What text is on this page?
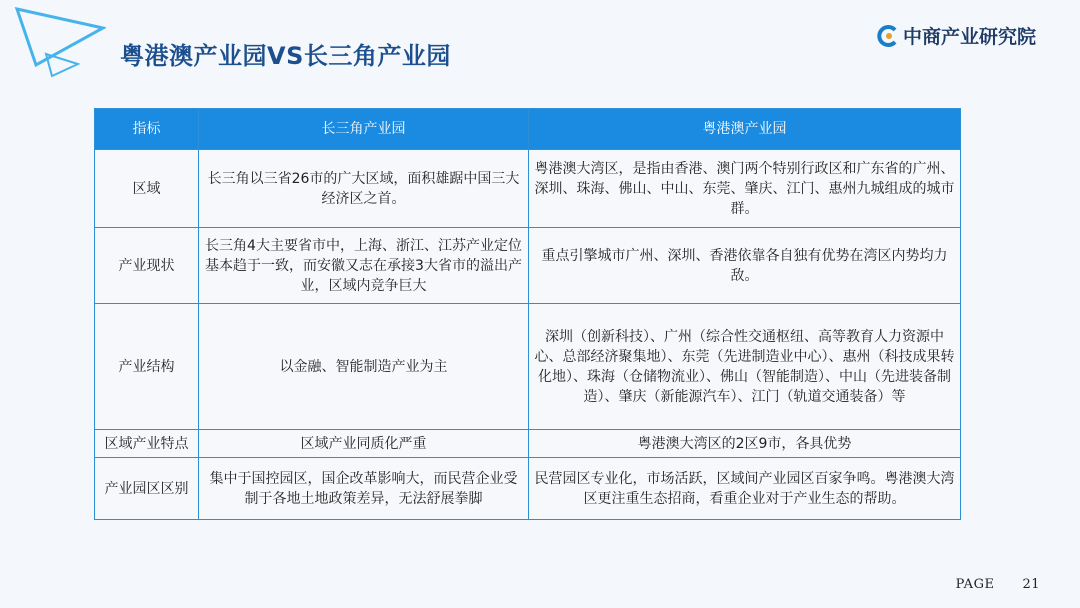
粤港澳产业园VS长三角产业园
中商产业研究院
指标	长三角产业园	粤港澳产业园
区域	长三角以三省26市的广大区域，面积雄踞中国三大经济区之首。	粤港澳大湾区，是指由香港、澳门两个特别行政区和广东省的广州、深圳、珠海、佛山、中山、东莞、肇庆、江门、惠州九城组成的城市群。
产业现状	长三角4大主要省市中，上海、浙江、江苏产业定位基本趋于一致，而安徽又志在承接3大省市的溢出产业，区域内竞争巨大	重点引擎城市广州、深圳、香港依靠各自独有优势在湾区内势均力敌。
产业结构	以金融、智能制造产业为主	深圳（创新科技）、广州（综合性交通枢纽、高等教育人力资源中心、总部经济聚集地）、东莞（先进制造业中心）、惠州（科技成果转化地）、珠海（仓储物流业）、佛山（智能制造）、中山（先进装备制造）、肇庆（新能源汽车）、江门（轨道交通装备）等
区域产业特点	区域产业同质化严重	粤港澳大湾区的2区9市，各具优势
产业园区区别	集中于国控园区，国企改革影响大，而民营企业受制于各地土地政策差异，无法舒展拳脚	民营园区专业化，市场活跃，区域间产业园区百家争鸣。粤港澳大湾区更注重生态招商，看重企业对于产业生态的帮助。
PAGE 21
